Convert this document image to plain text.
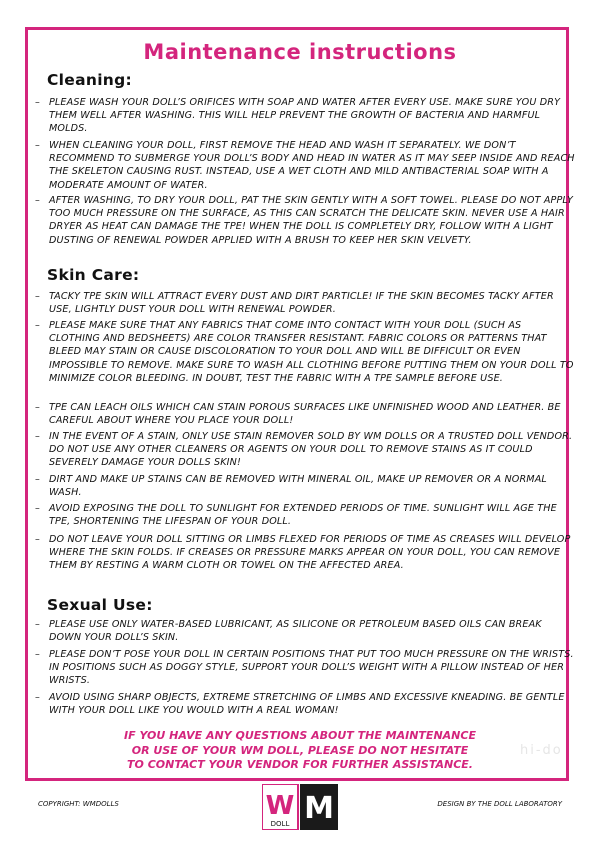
hi-do
Maintenance instructions
Cleaning:

– PLEASE WASH YOUR DOLL’S ORIFICES WITH SOAP AND WATER AFTER EVERY USE. MAKE SURE YOU DRY THEM WELL AFTER WASHING. THIS WILL HELP PREVENT THE GROWTH OF BACTERIA AND HARMFUL MOLDS.

– WHEN CLEANING YOUR DOLL, FIRST REMOVE THE HEAD AND WASH IT SEPARATELY. WE DON’T RECOMMEND TO SUBMERGE YOUR DOLL’S BODY AND HEAD IN WATER AS IT MAY SEEP INSIDE AND REACH THE SKELETON CAUSING RUST. INSTEAD, USE A WET CLOTH AND MILD ANTIBACTERIAL SOAP WITH A MODERATE AMOUNT OF WATER.

– AFTER WASHING, TO DRY YOUR DOLL, PAT THE SKIN GENTLY WITH A SOFT TOWEL. PLEASE DO NOT APPLY TOO MUCH PRESSURE ON THE SURFACE, AS THIS CAN SCRATCH THE DELICATE SKIN. NEVER USE A HAIR DRYER AS HEAT CAN DAMAGE THE TPE! WHEN THE DOLL IS COMPLETELY DRY, FOLLOW WITH A LIGHT DUSTING OF RENEWAL POWDER APPLIED WITH A BRUSH TO KEEP HER SKIN VELVETY.

Skin Care:

– TACKY TPE SKIN WILL ATTRACT EVERY DUST AND DIRT PARTICLE! IF THE SKIN BECOMES TACKY AFTER USE, LIGHTLY DUST YOUR DOLL WITH RENEWAL POWDER.

– PLEASE MAKE SURE THAT ANY FABRICS THAT COME INTO CONTACT WITH YOUR DOLL (SUCH AS CLOTHING AND BEDSHEETS) ARE COLOR TRANSFER RESISTANT. FABRIC COLORS OR PATTERNS THAT BLEED MAY STAIN OR CAUSE DISCOLORATION TO YOUR DOLL AND WILL BE DIFFICULT OR EVEN IMPOSSIBLE TO REMOVE. MAKE SURE TO WASH ALL CLOTHING BEFORE PUTTING THEM ON YOUR DOLL TO MINIMIZE COLOR BLEEDING. IN DOUBT, TEST THE FABRIC WITH A TPE SAMPLE BEFORE USE.

– TPE CAN LEACH OILS WHICH CAN STAIN POROUS SURFACES LIKE UNFINISHED WOOD AND LEATHER. BE CAREFUL ABOUT WHERE YOU PLACE YOUR DOLL!

– IN THE EVENT OF A STAIN, ONLY USE STAIN REMOVER SOLD BY WM DOLLS OR A TRUSTED DOLL VENDOR. DO NOT USE ANY OTHER CLEANERS OR AGENTS ON YOUR DOLL TO REMOVE STAINS AS IT COULD SEVERELY DAMAGE YOUR DOLLS SKIN!

– DIRT AND MAKE UP STAINS CAN BE REMOVED WITH MINERAL OIL, MAKE UP REMOVER OR A NORMAL WASH.

– AVOID EXPOSING THE DOLL TO SUNLIGHT FOR EXTENDED PERIODS OF TIME. SUNLIGHT WILL AGE THE TPE, SHORTENING THE LIFESPAN OF YOUR DOLL.

– DO NOT LEAVE YOUR DOLL SITTING OR LIMBS FLEXED FOR PERIODS OF TIME AS CREASES WILL DEVELOP WHERE THE SKIN FOLDS. IF CREASES OR PRESSURE MARKS APPEAR ON YOUR DOLL, YOU CAN REMOVE THEM BY RESTING A WARM CLOTH OR TOWEL ON THE AFFECTED AREA.

Sexual Use:

– PLEASE USE ONLY WATER-BASED LUBRICANT, AS SILICONE OR PETROLEUM BASED OILS CAN BREAK DOWN YOUR DOLL’S SKIN.

– PLEASE DON’T POSE YOUR DOLL IN CERTAIN POSITIONS THAT PUT TOO MUCH PRESSURE ON THE WRISTS. IN POSITIONS SUCH AS DOGGY STYLE, SUPPORT YOUR DOLL’S WEIGHT WITH A PILLOW INSTEAD OF HER WRISTS.

– AVOID USING SHARP OBJECTS, EXTREME STRETCHING OF LIMBS AND EXCESSIVE KNEADING. BE GENTLE WITH YOUR DOLL LIKE YOU WOULD WITH A REAL WOMAN!

IF YOU HAVE ANY QUESTIONS ABOUT THE MAINTENANCE
OR USE OF YOUR WM DOLL, PLEASE DO NOT HESITATE
TO CONTACT YOUR VENDOR FOR FURTHER ASSISTANCE.
COPYRIGHT: WMDOLLS	DESIGN BY THE DOLL LABORATORY
W
DOLL M
